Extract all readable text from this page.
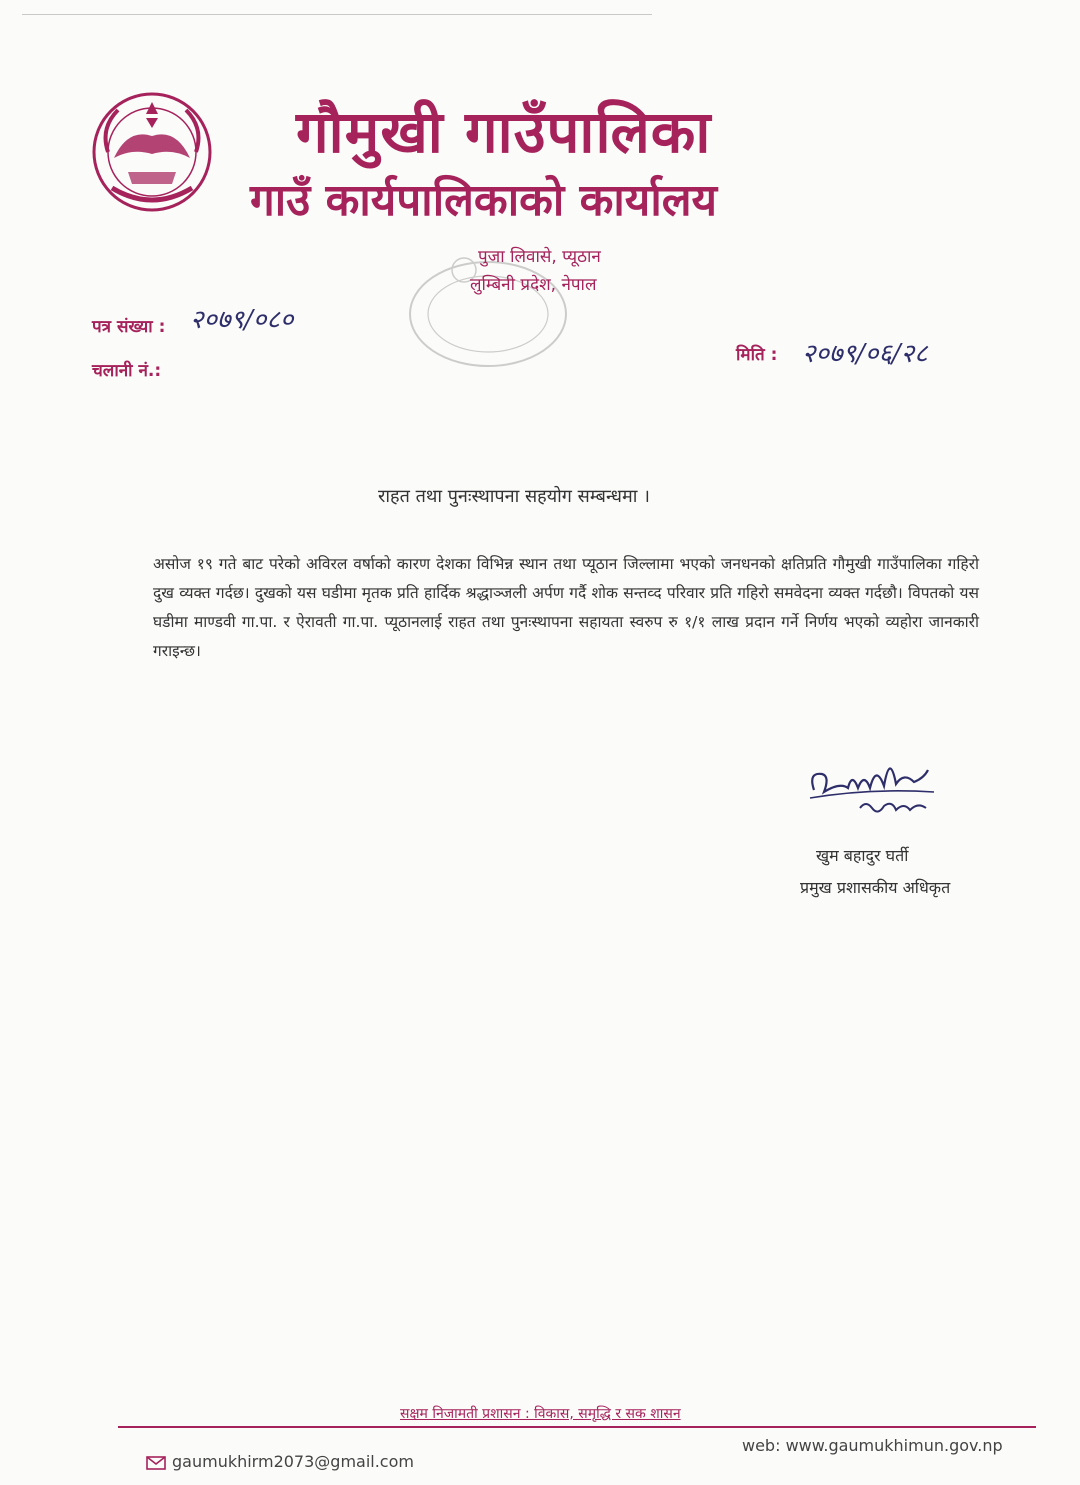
गौमुखी गाउँपालिका
गाउँ कार्यपालिकाको कार्यालय
पुजा लिवासे, प्यूठान
लुम्बिनी प्रदेश, नेपाल
पत्र संख्या : २०७९/०८०
चलानी नं.:
मिति : २०७९/०६/२८
राहत तथा पुनःस्थापना सहयोग सम्बन्धमा ।
असोज १९ गते बाट परेको अविरल वर्षाको कारण देशका विभिन्न स्थान तथा प्यूठान जिल्लामा भएको जनधनको क्षतिप्रति गौमुखी गाउँपालिका गहिरो दुख व्यक्त गर्दछ। दुखको यस घडीमा मृतक प्रति हार्दिक श्रद्धाञ्जली अर्पण गर्दै शोक सन्तव्द परिवार प्रति गहिरो समवेदना व्यक्त गर्दछौ। विपतको यस घडीमा माण्डवी गा.पा. र ऐरावती गा.पा. प्यूठानलाई राहत तथा पुनःस्थापना सहायता स्वरुप रु १/१ लाख प्रदान गर्ने निर्णय भएको व्यहोरा जानकारी गराइन्छ।
खुम बहादुर घर्ती
प्रमुख प्रशासकीय अधिकृत
सक्षम निजामती प्रशासन : विकास, समृद्धि र सक शासन
web: www.gaumukhimun.gov.np
gaumukhirm2073@gmail.com
